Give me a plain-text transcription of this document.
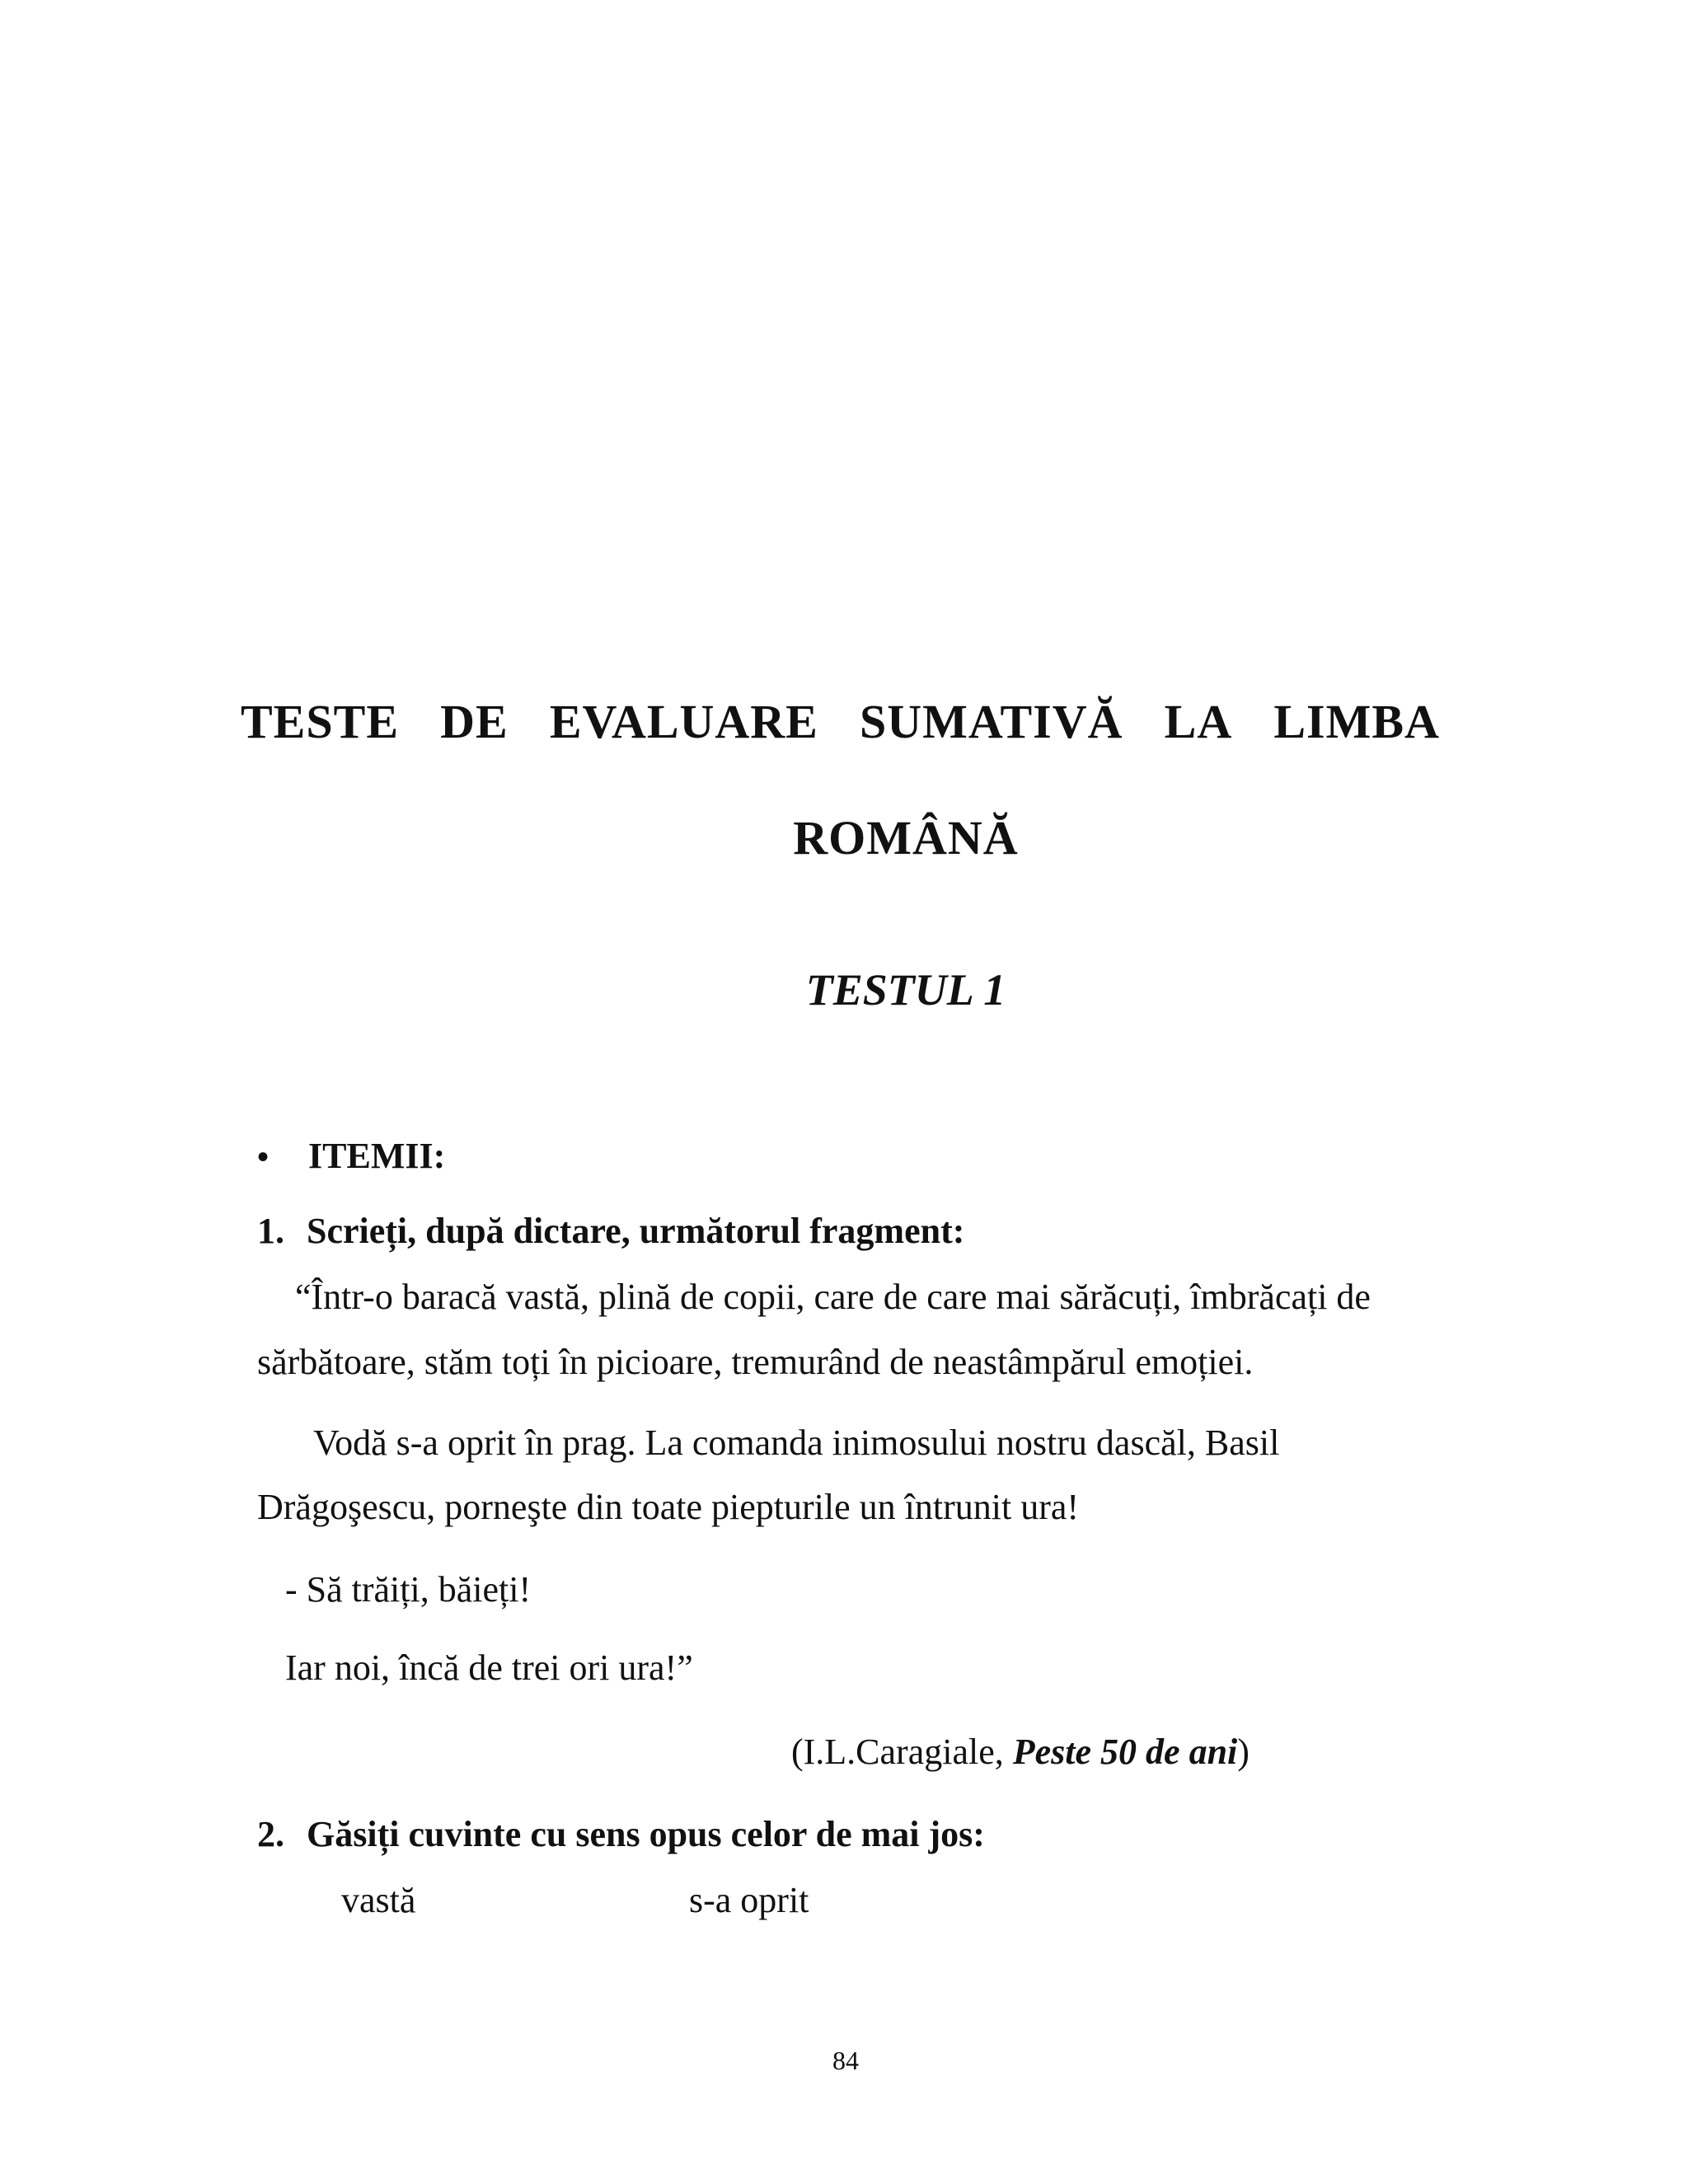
TESTE DE EVALUARE SUMATIVĂ LA LIMBA
ROMÂNĂ
TESTUL 1
• ITEMII:
1. Scrieți, după dictare, următorul fragment:
“Într-o baracă vastă, plină de copii, care de care mai sărăcuți, îmbrăcați de
sărbătoare, stăm toți în picioare, tremurând de neastâmpărul emoției.
Vodă s-a oprit în prag. La comanda inimosului nostru dascăl, Basil
Drăgoşescu, porneşte din toate piepturile un întrunit ura!
- Să trăiți, băieți!
Iar noi, încă de trei ori ura!”
(I.L.Caragiale, Peste 50 de ani)
2. Găsiți cuvinte cu sens opus celor de mai jos:
vastă	s-a oprit
84
